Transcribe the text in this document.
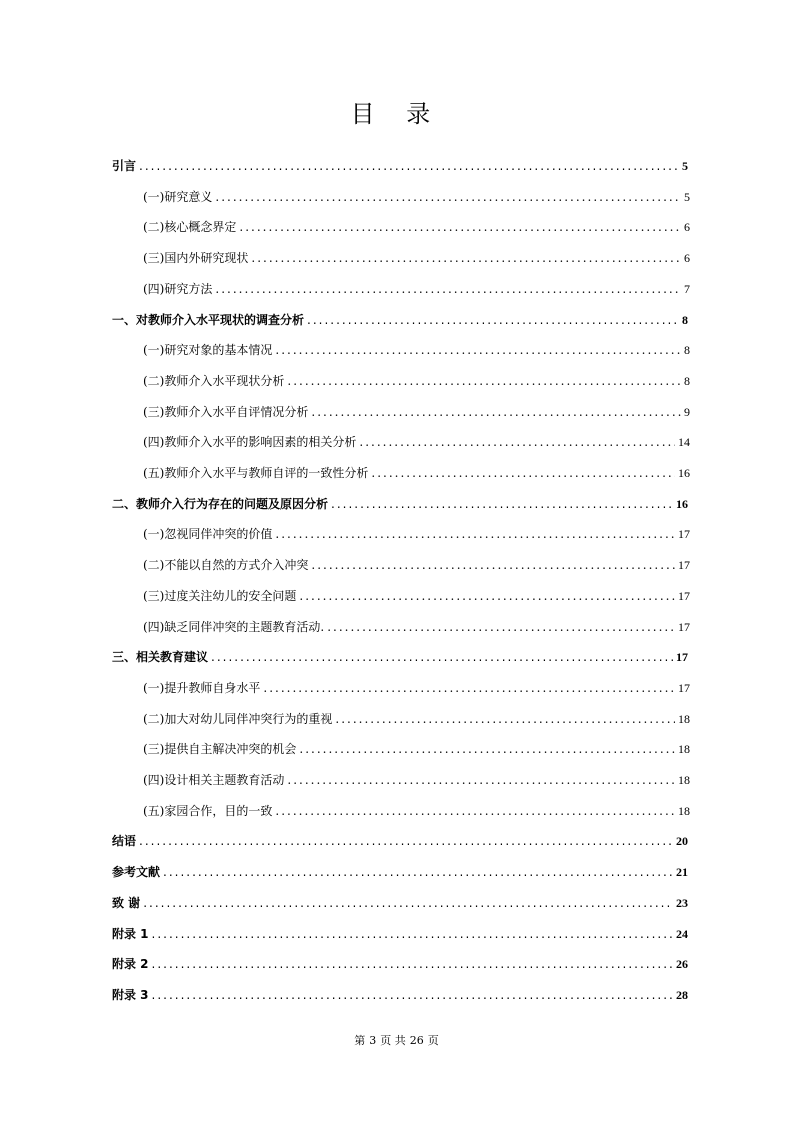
目 录
引言 .....	5
(一)研究意义 .....	5
(二)核心概念界定 .....	6
(三)国内外研究现状 .....	6
(四)研究方法 .....	7
一、对教师介入水平现状的调查分析 .....	8
(一)研究对象的基本情况 .....	8
(二)教师介入水平现状分析 .....	8
(三)教师介入水平自评情况分析 .....	9
(四)教师介入水平的影响因素的相关分析 .....	14
(五)教师介入水平与教师自评的一致性分析 .....	16
二、教师介入行为存在的问题及原因分析 .....	16
(一)忽视同伴冲突的价值 .....	17
(二)不能以自然的方式介入冲突 .....	17
(三)过度关注幼儿的安全问题 .....	17
(四)缺乏同伴冲突的主题教育活动. .....	17
三、相关教育建议 .....	17
(一)提升教师自身水平 .....	17
(二)加大对幼儿同伴冲突行为的重视 .....	18
(三)提供自主解决冲突的机会 .....	18
(四)设计相关主题教育活动 .....	18
(五)家园合作，目的一致 .....	18
结语 .....	20
参考文献 .....	21
致 谢 .....	23
附录 1 .....	24
附录 2 .....	26
附录 3 .....	28
第 3 页 共 26 页
